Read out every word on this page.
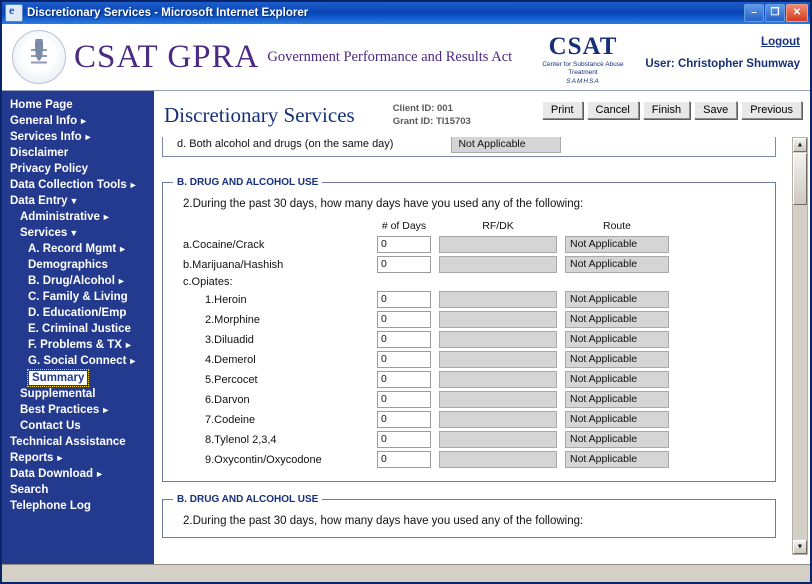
e
Discretionary Services - Microsoft Internet Explorer	– ❐ ✕
CSAT GPRA Government Performance and Results Act	CSAT
Center for Substance Abuse Treatment
SAMHSA
Logout
User: Christopher Shumway
Home Page
General Info ►
Services Info ►
Disclaimer
Privacy Policy
Data Collection Tools ►
Data Entry ▼
Administrative ►
Services ▼
A. Record Mgmt ►
Demographics
B. Drug/Alcohol ►
C. Family & Living
D. Education/Emp
E. Criminal Justice
F. Problems & TX ►
G. Social Connect ►
Summary
Supplemental
Best Practices ►
Contact Us
Technical Assistance
Reports ►
Data Download ►
Search
Telephone Log
Discretionary Services	Client ID: 001
Grant ID: TI15703
Print	Cancel	Finish	Save	Previous
d. Both alcohol and drugs (on the same day)	Not Applicable
B. DRUG AND ALCOHOL USE
2.During the past 30 days, how many days have you used any of the following:
	# of Days		RF/DK		Route
a.Cocaine/Crack	0				Not Applicable

b.Marijuana/Hashish	0				Not Applicable

c.Opiates:					
1.Heroin	0				Not Applicable

2.Morphine	0				Not Applicable

3.Diluadid	0				Not Applicable

4.Demerol	0				Not Applicable

5.Percocet	0				Not Applicable

6.Darvon	0				Not Applicable

7.Codeine	0				Not Applicable

8.Tylenol 2,3,4	0				Not Applicable

9.Oxycontin/Oxycodone	0				Not Applicable
B. DRUG AND ALCOHOL USE
2.During the past 30 days, how many days have you used any of the following:
▲
▼
